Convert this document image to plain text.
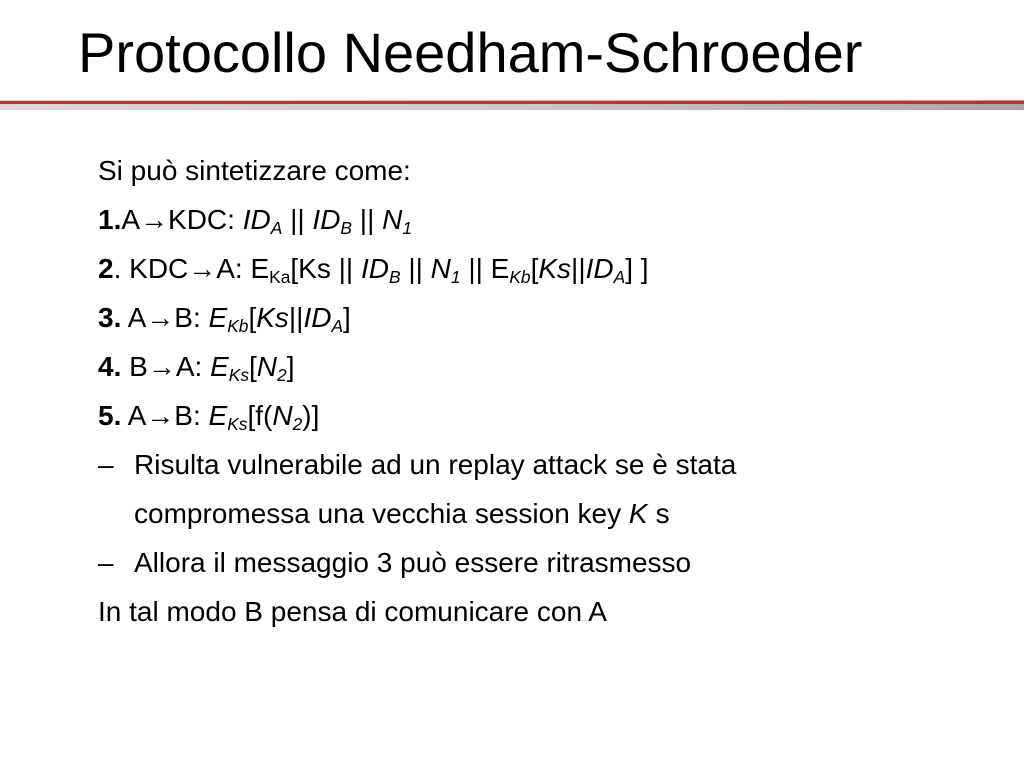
Protocollo Needham-Schroeder
Si può sintetizzare come:
1.A→KDC: $ID_A$ || $ID_B$ || $N_1$
2. KDC→A: $E_{Ka}[Ks$ || $ID_B$ || $N_1$ || $E_{Kb}[Ks||ID_A]$ ]
3. A→B: $E_{Kb}[Ks||ID_A]$
4. B→A: $E_{Ks}[N_2]$
5. A→B: $E_{Ks}[f(N_2)]$
– Risulta vulnerabile ad un replay attack se è stata
compromessa una vecchia session key K s
– Allora il messaggio 3 può essere ritrasmesso
In tal modo B pensa di comunicare con A
